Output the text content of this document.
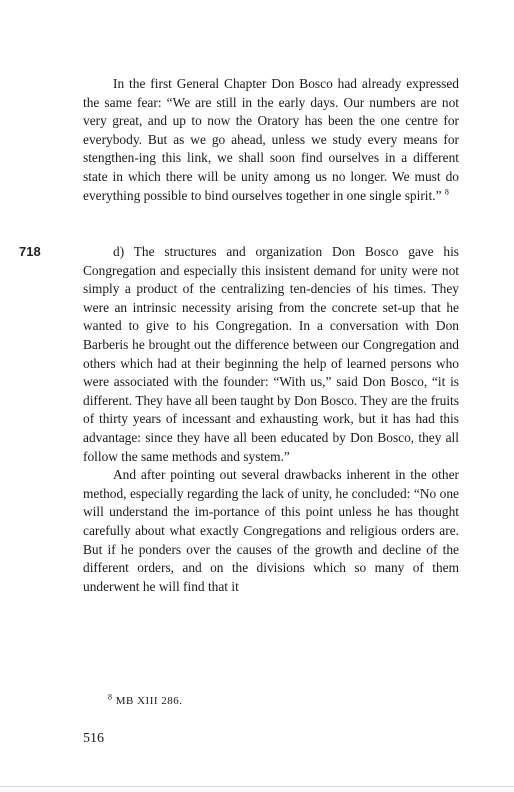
In the first General Chapter Don Bosco had already expressed the same fear: “We are still in the early days. Our numbers are not very great, and up to now the Oratory has been the one centre for everybody. But as we go ahead, unless we study every means for stengthen-ing this link, we shall soon find ourselves in a different state in which there will be unity among us no longer. We must do everything possible to bind ourselves together in one single spirit.” $^8$

718	d) The structures and organization Don Bosco gave his Congregation and especially this insistent demand for unity were not simply a product of the centralizing ten-dencies of his times. They were an intrinsic necessity arising from the concrete set-up that he wanted to give to his Congregation. In a conversation with Don Barberis he brought out the difference between our Congregation and others which had at their beginning the help of learned persons who were associated with the founder: “With us,” said Don Bosco, “it is different. They have all been taught by Don Bosco. They are the fruits of thirty years of incessant and exhausting work, but it has had this advantage: since they have all been educated by Don Bosco, they all follow the same methods and system.”

And after pointing out several drawbacks inherent in the other method, especially regarding the lack of unity, he concluded: “No one will understand the im-portance of this point unless he has thought carefully about what exactly Congregations and religious orders are. But if he ponders over the causes of the growth and decline of the different orders, and on the divisions which so many of them underwent he will find that it

$^8$ MB XIII 286.
516
